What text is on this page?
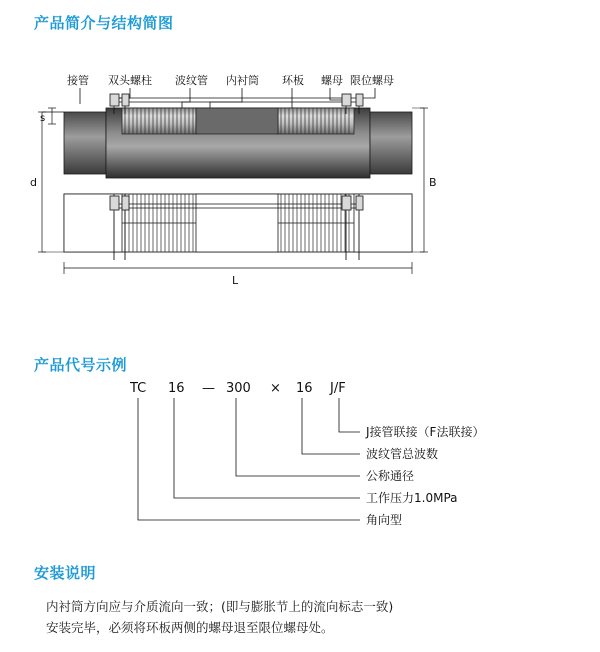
产品简介与结构简图
产品代号示例
安装说明
接管 双头螺柱 波纹管 内衬筒 环板 螺母 限位螺母
s
d	B
L
TC 16 — 300 × 16 J/F
J接管联接（F法联接）
波纹管总波数
公称通径
工作压力1.0MPa
角向型
内衬筒方向应与介质流向一致；(即与膨胀节上的流向标志一致)
安装完毕，必须将环板两侧的螺母退至限位螺母处。
